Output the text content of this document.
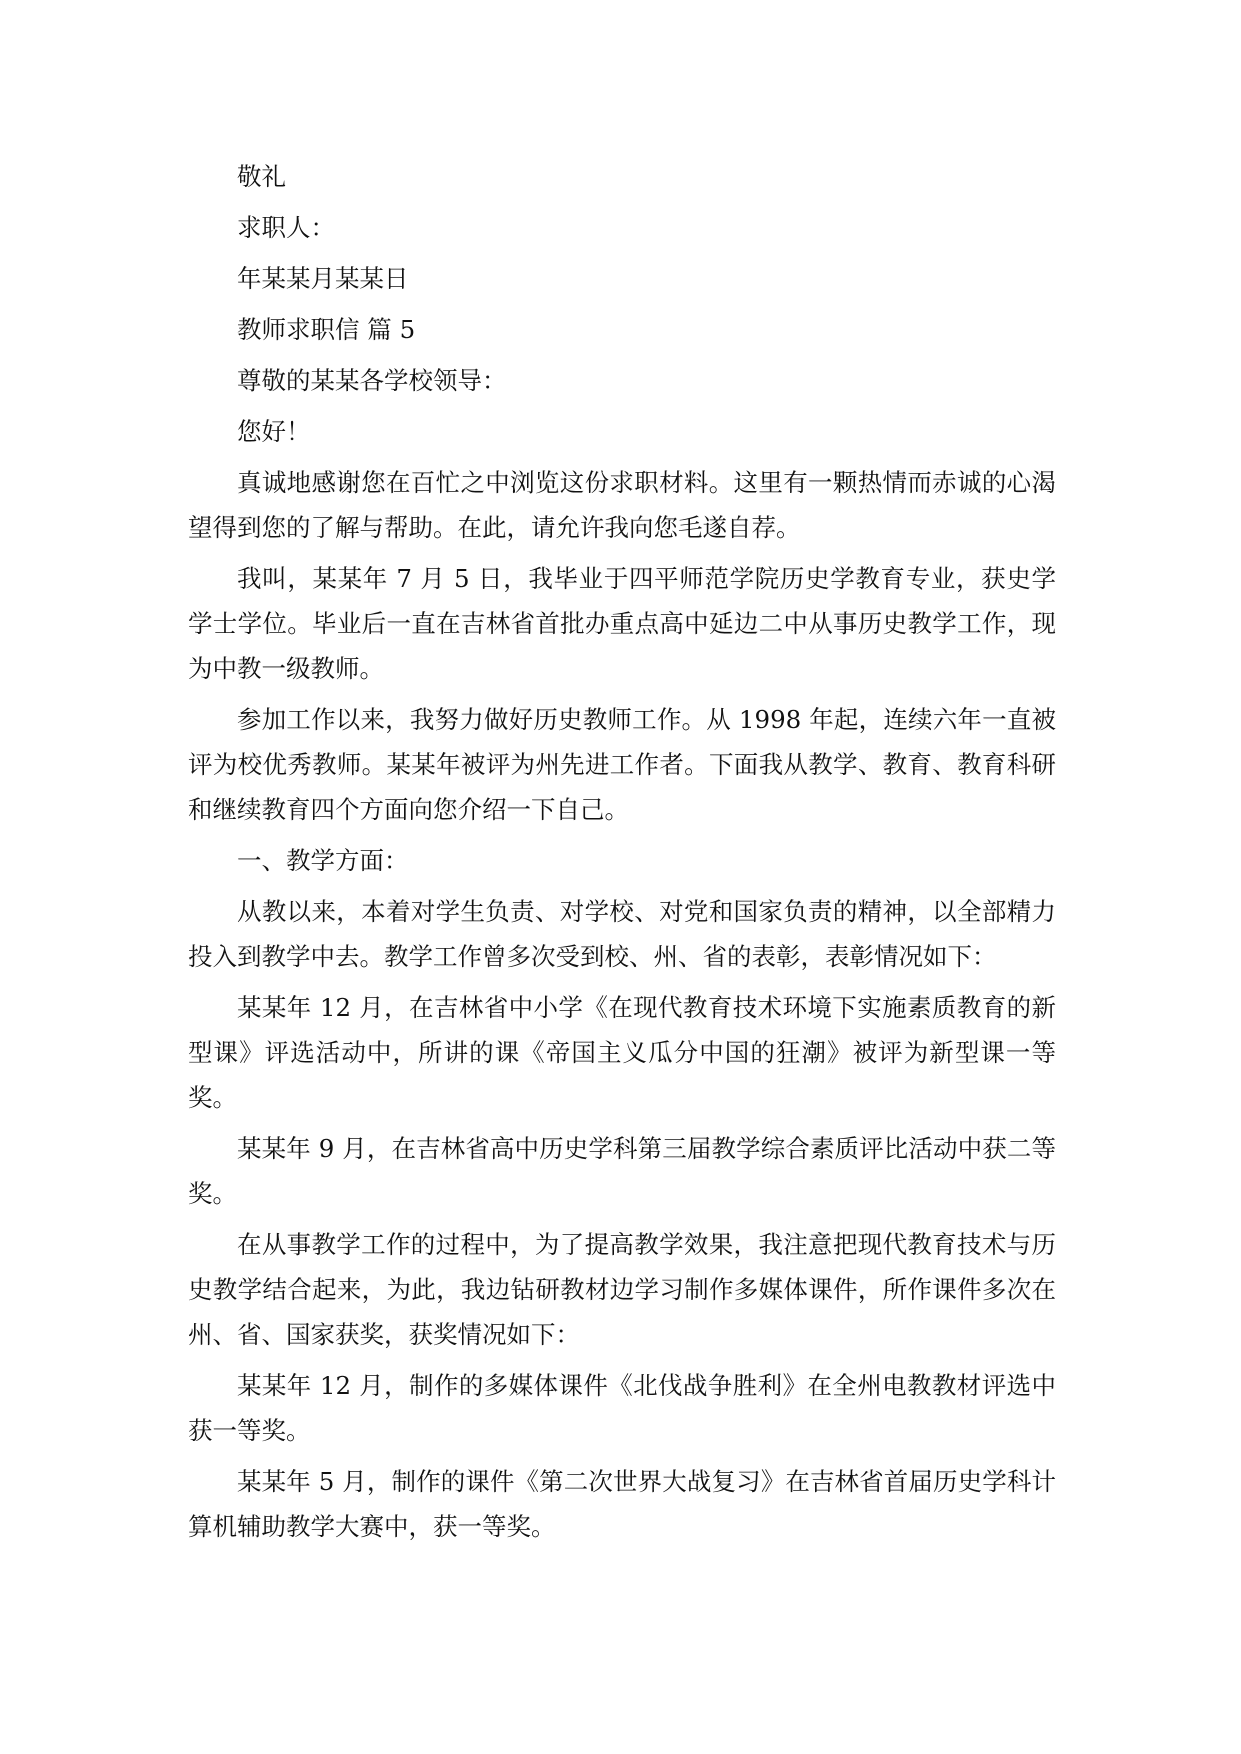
敬礼

求职人：

年某某月某某日

教师求职信 篇 5

尊敬的某某各学校领导：

您好！

真诚地感谢您在百忙之中浏览这份求职材料。这里有一颗热情而赤诚的心渴望得到您的了解与帮助。在此，请允许我向您毛遂自荐。

我叫，某某年 7 月 5 日，我毕业于四平师范学院历史学教育专业，获史学学士学位。毕业后一直在吉林省首批办重点高中延边二中从事历史教学工作，现为中教一级教师。

参加工作以来，我努力做好历史教师工作。从 1998 年起，连续六年一直被评为校优秀教师。某某年被评为州先进工作者。下面我从教学、教育、教育科研和继续教育四个方面向您介绍一下自己。

一、教学方面：

从教以来，本着对学生负责、对学校、对党和国家负责的精神，以全部精力投入到教学中去。教学工作曾多次受到校、州、省的表彰，表彰情况如下：

某某年 12 月，在吉林省中小学《在现代教育技术环境下实施素质教育的新型课》评选活动中，所讲的课《帝国主义瓜分中国的狂潮》被评为新型课一等奖。

某某年 9 月，在吉林省高中历史学科第三届教学综合素质评比活动中获二等奖。

在从事教学工作的过程中，为了提高教学效果，我注意把现代教育技术与历史教学结合起来，为此，我边钻研教材边学习制作多媒体课件，所作课件多次在州、省、国家获奖，获奖情况如下：

某某年 12 月，制作的多媒体课件《北伐战争胜利》在全州电教教材评选中获一等奖。

某某年 5 月，制作的课件《第二次世界大战复习》在吉林省首届历史学科计算机辅助教学大赛中，获一等奖。
